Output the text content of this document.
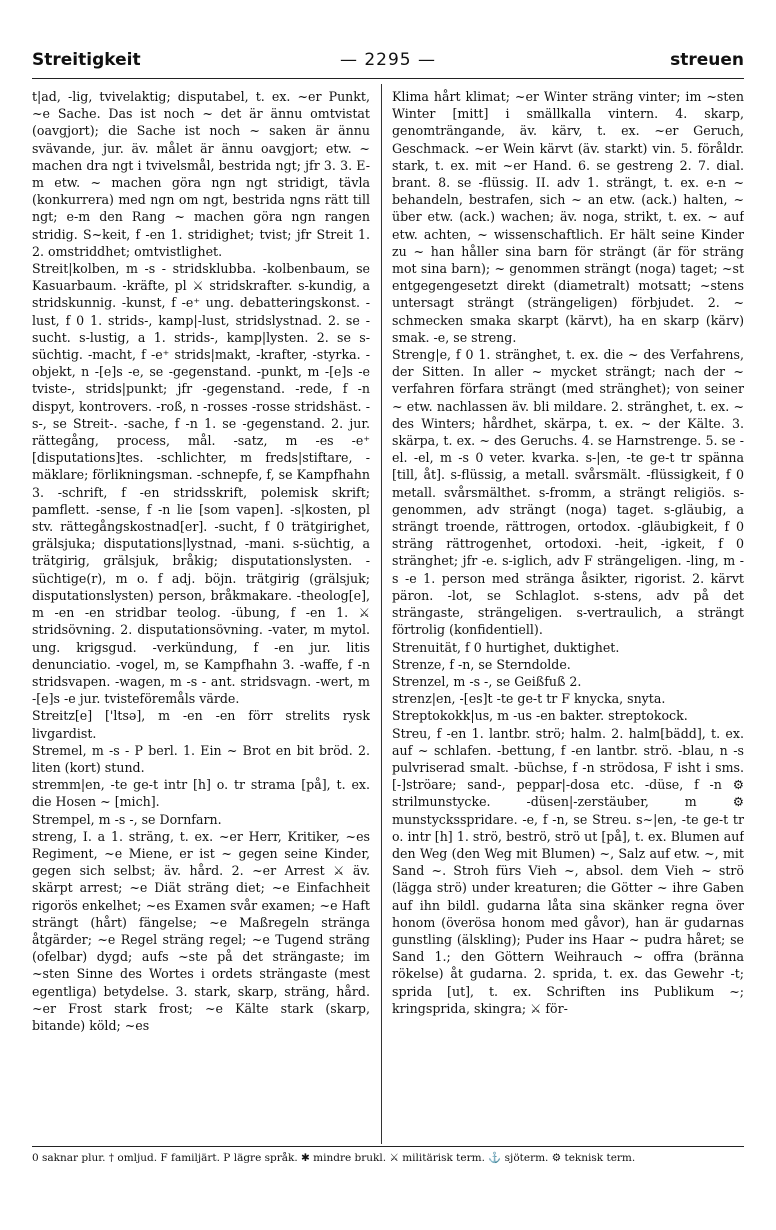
Streitigkeit	— 2295 —	streuen

t|ad, -lig, tvivelaktig; disputabel, t. ex. ~er Punkt, ~e Sache. Das ist noch ~ det är ännu omtvistat (oavgjort); die Sache ist noch ~ saken är ännu svävande, jur. äv. målet är ännu oavgjort; etw. ~ machen dra ngt i tvivelsmål, bestrida ngt; jfr 3. 3. E-m etw. ~ machen göra ngn ngt stridigt, tävla (konkurrera) med ngn om ngt, bestrida ngns rätt till ngt; e-m den Rang ~ machen göra ngn rangen stridig. S~keit, f -en 1. stridighet; tvist; jfr Streit 1. 2. omstriddhet; omtvistlighet.

Streit|kolben, m -s - stridsklubba. -kolbenbaum, se Kasuarbaum. -kräfte, pl ⚔ stridskrafter. s-kundig, a stridskunnig. -kunst, f -e⁺ ung. debatteringskonst. -lust, f 0 1. strids-, kamp|-lust, stridslystnad. 2. se -sucht. s-lustig, a 1. strids-, kamp|lysten. 2. se s-süchtig. -macht, f -e⁺ strids|makt, -krafter, -styrka. -objekt, n -[e]s -e, se -gegenstand. -punkt, m -[e]s -e tviste-, strids|punkt; jfr -gegenstand. -rede, f -n dispyt, kontrovers. -roß, n -rosses -rosse stridshäst. -s-, se Streit-. -sache, f -n 1. se -gegenstand. 2. jur. rättegång, process, mål. -satz, m -es -e⁺ [disputations]tes. -schlichter, m freds|stiftare, -mäklare; förlikningsman. -schnepfe, f, se Kampfhahn 3. -schrift, f -en stridsskrift, polemisk skrift; pamflett. -sense, f -n lie [som vapen]. -s|kosten, pl stv. rättegångskostnad[er]. -sucht, f 0 trätgirighet, grälsjuka; disputations|lystnad, -mani. s-süchtig, a trätgirig, grälsjuk, bråkig; disputationslysten. -süchtige(r), m o. f adj. böjn. trätgirig (grälsjuk; disputationslysten) person, bråkmakare. -theolog[e], m -en -en stridbar teolog. -übung, f -en 1. ⚔ stridsövning. 2. disputationsövning. -vater, m mytol. ung. krigsgud. -verkündung, f -en jur. litis denunciatio. -vogel, m, se Kampfhahn 3. -waffe, f -n stridsvapen. -wagen, m -s - ant. stridsvagn. -wert, m -[e]s -e jur. tvisteföremåls värde.

Streitz[e] ['ltsə], m -en -en förr strelits rysk livgardist.

Stremel, m -s - P berl. 1. Ein ~ Brot en bit bröd. 2. liten (kort) stund.

stremm|en, -te ge-t intr [h] o. tr strama [på], t. ex. die Hosen ~ [mich].

Strempel, m -s -, se Dornfarn.

streng, I. a 1. sträng, t. ex. ~er Herr, Kritiker, ~es Regiment, ~e Miene, er ist ~ gegen seine Kinder, gegen sich selbst; äv. hård. 2. ~er Arrest ⚔ äv. skärpt arrest; ~e Diät sträng diet; ~e Einfachheit rigorös enkelhet; ~es Examen svår examen; ~e Haft strängt (hårt) fängelse; ~e Maßregeln stränga åtgärder; ~e Regel sträng regel; ~e Tugend sträng (ofelbar) dygd; aufs ~ste på det strängaste; im ~sten Sinne des Wortes i ordets strängaste (mest egentliga) betydelse. 3. stark, skarp, sträng, hård. ~er Frost stark frost; ~e Kälte stark (skarp, bitande) köld; ~es

Klima hårt klimat; ~er Winter sträng vinter; im ~sten Winter [mitt] i smällkalla vintern. 4. skarp, genomträngande, äv. kärv, t. ex. ~er Geruch, Geschmack. ~er Wein kärvt (äv. starkt) vin. 5. föråldr. stark, t. ex. mit ~er Hand. 6. se gestreng 2. 7. dial. brant. 8. se -flüssig. II. adv 1. strängt, t. ex. e-n ~ behandeln, bestrafen, sich ~ an etw. (ack.) halten, ~ über etw. (ack.) wachen; äv. noga, strikt, t. ex. ~ auf etw. achten, ~ wissenschaftlich. Er hält seine Kinder zu ~ han håller sina barn för strängt (är för sträng mot sina barn); ~ genommen strängt (noga) taget; ~st entgegengesetzt direkt (diametralt) motsatt; ~stens untersagt strängt (strängeligen) förbjudet. 2. ~ schmecken smaka skarpt (kärvt), ha en skarp (kärv) smak. -e, se streng.

Streng|e, f 0 1. stränghet, t. ex. die ~ des Verfahrens, der Sitten. In aller ~ mycket strängt; nach der ~ verfahren förfara strängt (med stränghet); von seiner ~ etw. nachlassen äv. bli mildare. 2. stränghet, t. ex. ~ des Winters; hårdhet, skärpa, t. ex. ~ der Kälte. 3. skärpa, t. ex. ~ des Geruchs. 4. se Harnstrenge. 5. se -el. -el, m -s 0 veter. kvarka. s-|en, -te ge-t tr spänna [till, åt]. s-flüssig, a metall. svårsmält. -flüssigkeit, f 0 metall. svårsmälthet. s-fromm, a strängt religiös. s-genommen, adv strängt (noga) taget. s-gläubig, a strängt troende, rättrogen, ortodox. -gläubigkeit, f 0 sträng rättrogenhet, ortodoxi. -heit, -igkeit, f 0 stränghet; jfr -e. s-iglich, adv F strängeligen. -ling, m -s -e 1. person med stränga åsikter, rigorist. 2. kärvt päron. -lot, se Schlaglot. s-stens, adv på det strängaste, strängeligen. s-vertraulich, a strängt förtrolig (konfidentiell).

Strenuität, f 0 hurtighet, duktighet.

Strenze, f -n, se Sterndolde.

Strenzel, m -s -, se Geißfuß 2.

strenz|en, -[es]t -te ge-t tr F knycka, snyta.

Streptokokk|us, m -us -en bakter. streptokock.

Streu, f -en 1. lantbr. strö; halm. 2. halm[bädd], t. ex. auf ~ schlafen. -bettung, f -en lantbr. strö. -blau, n -s pulvriserad smalt. -büchse, f -n strödosa, F isht i sms. [-]ströare; sand-, peppar|-dosa etc. -düse, f -n ⚙ strilmunstycke. -düsen|-zerstäuber, m ⚙ munstycksspridare. -e, f -n, se Streu. s~|en, -te ge-t tr o. intr [h] 1. strö, beströ, strö ut [på], t. ex. Blumen auf den Weg (den Weg mit Blumen) ~, Salz auf etw. ~, mit Sand ~. Stroh fürs Vieh ~, absol. dem Vieh ~ strö (lägga strö) under kreaturen; die Götter ~ ihre Gaben auf ihn bildl. gudarna låta sina skänker regna över honom (överösa honom med gåvor), han är gudarnas gunstling (älskling); Puder ins Haar ~ pudra håret; se Sand 1.; den Göttern Weihrauch ~ offra (bränna rökelse) åt gudarna. 2. sprida, t. ex. das Gewehr -t; sprida [ut], t. ex. Schriften ins Publikum ~; kringsprida, skingra; ⚔ för-

0 saknar plur. † omljud. F familjärt. P lägre språk. ✱ mindre brukl. ⚔ militärisk term. ⚓ sjöterm. ⚙ teknisk term.
